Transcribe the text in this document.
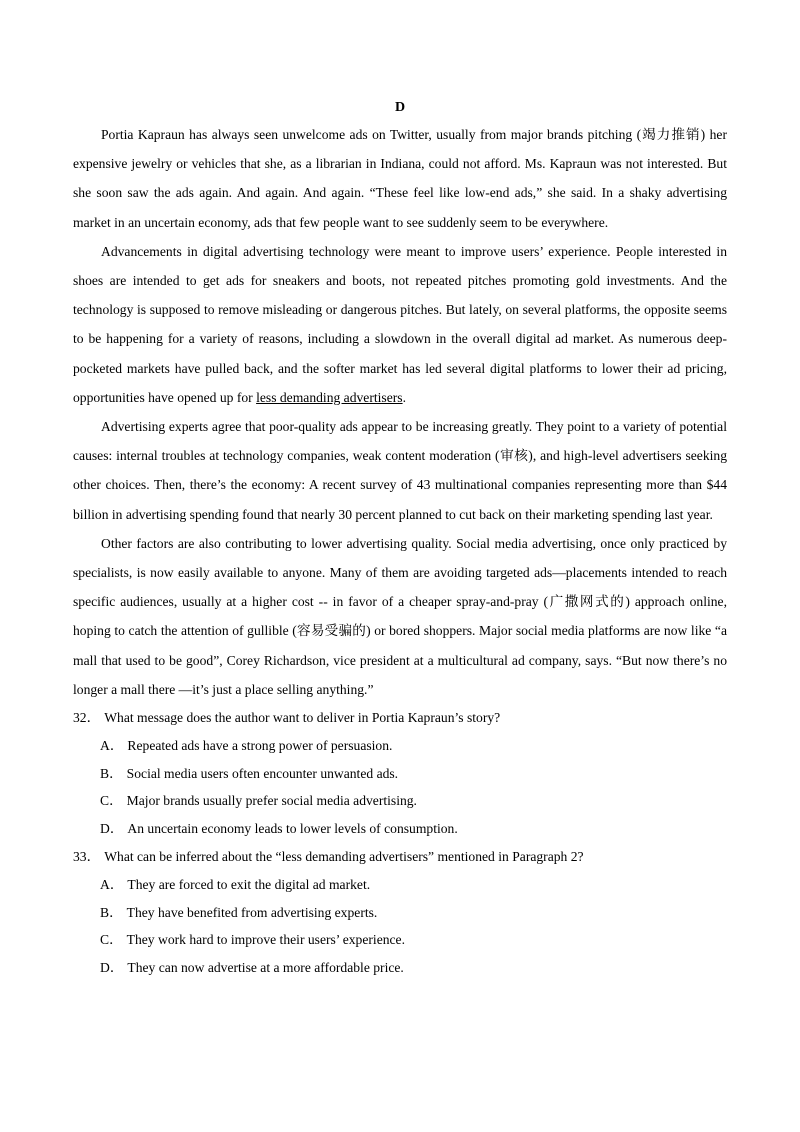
D

Portia Kapraun has always seen unwelcome ads on Twitter, usually from major brands pitching (竭力推销) her expensive jewelry or vehicles that she, as a librarian in Indiana, could not afford. Ms. Kapraun was not interested. But she soon saw the ads again. And again. And again. “These feel like low-end ads,” she said. In a shaky advertising market in an uncertain economy, ads that few people want to see suddenly seem to be everywhere.

Advancements in digital advertising technology were meant to improve users’ experience. People interested in shoes are intended to get ads for sneakers and boots, not repeated pitches promoting gold investments. And the technology is supposed to remove misleading or dangerous pitches. But lately, on several platforms, the opposite seems to be happening for a variety of reasons, including a slowdown in the overall digital ad market. As numerous deep-pocketed markets have pulled back, and the softer market has led several digital platforms to lower their ad pricing, opportunities have opened up for less demanding advertisers.

Advertising experts agree that poor-quality ads appear to be increasing greatly. They point to a variety of potential causes: internal troubles at technology companies, weak content moderation (审核), and high-level advertisers seeking other choices. Then, there’s the economy: A recent survey of 43 multinational companies representing more than $44 billion in advertising spending found that nearly 30 percent planned to cut back on their marketing spending last year.

Other factors are also contributing to lower advertising quality. Social media advertising, once only practiced by specialists, is now easily available to anyone. Many of them are avoiding targeted ads—placements intended to reach specific audiences, usually at a higher cost -- in favor of a cheaper spray-and-pray (广撒网式的) approach online, hoping to catch the attention of gullible (容易受骗的) or bored shoppers. Major social media platforms are now like “a mall that used to be good”, Corey Richardson, vice president at a multicultural ad company, says. “But now there’s no longer a mall there —it’s just a place selling anything.”

32． What message does the author want to deliver in Portia Kapraun’s story?

A． Repeated ads have a strong power of persuasion.
B． Social media users often encounter unwanted ads.
C． Major brands usually prefer social media advertising.
D． An uncertain economy leads to lower levels of consumption.

33． What can be inferred about the “less demanding advertisers” mentioned in Paragraph 2?

A． They are forced to exit the digital ad market.
B． They have benefited from advertising experts.
C． They work hard to improve their users’ experience.
D． They can now advertise at a more affordable price.
